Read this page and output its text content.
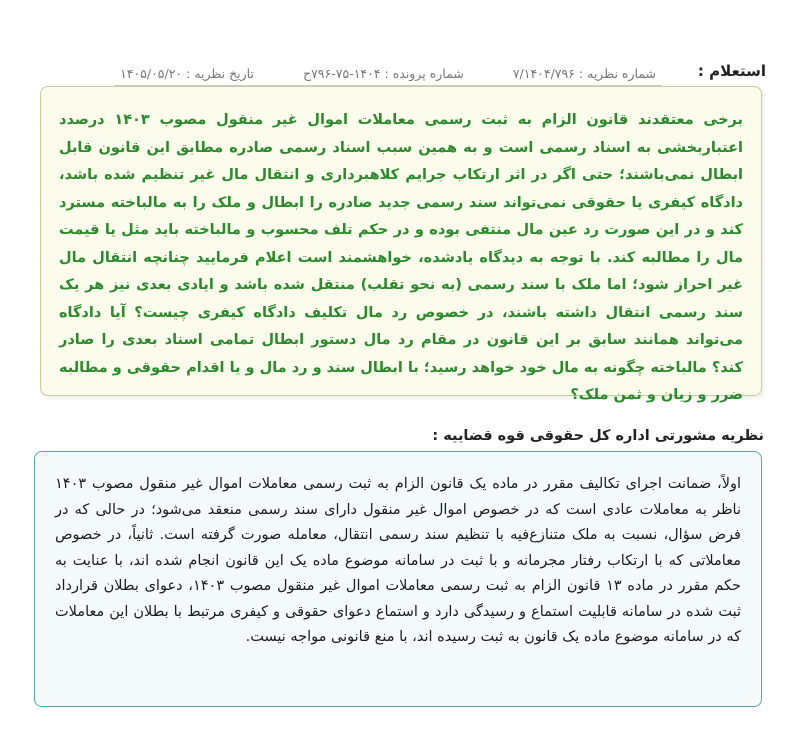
استعلام :
شماره نظریه : ۷/۱۴۰۴/۷۹۶
شماره پرونده : ۱۴۰۴-۷۵-۷۹۶ح
تاریخ نظریه : ۱۴۰۵/۰۵/۲۰

برخی معتقدند قانون الزام به ثبت رسمی معاملات اموال غیر منقول مصوب ۱۴۰۳ درصدد اعتباربخشی به اسناد رسمی است و به همین سبب اسناد رسمی صادره مطابق این قانون قابل ابطال نمی‌باشند؛ حتی اگر در اثر ارتکاب جرایم کلاهبرداری و انتقال مال غیر تنظیم شده باشد، دادگاه کیفری یا حقوقی نمی‌تواند سند رسمی جدید صادره را ابطال و ملک را به مالباخته مسترد کند و در این صورت رد عین مال منتفی بوده و در حکم تلف محسوب و مالباخته باید مثل یا قیمت مال را مطالبه کند. با توجه به دیدگاه یادشده، خواهشمند است اعلام فرمایید چنانچه انتقال مال غیر احراز شود؛ اما ملک با سند رسمی (به نحو تقلب) منتقل شده باشد و ایادی بعدی نیز هر یک سند رسمی انتقال داشته باشند، در خصوص رد مال تکلیف دادگاه کیفری چیست؟ آیا دادگاه می‌تواند همانند سابق بر این قانون در مقام رد مال دستور ابطال تمامی اسناد بعدی را صادر کند؟ مالباخته چگونه به مال خود خواهد رسید؛ با ابطال سند و رد مال و یا اقدام حقوقی و مطالبه ضرر و زیان و ثمن ملک؟

نظریه مشورتی اداره کل حقوقی قوه قضاییه :

اولاً، ضمانت اجرای تکالیف مقرر در ماده یک قانون الزام به ثبت رسمی معاملات اموال غیر منقول مصوب ۱۴۰۳ ناظر به معاملات عادی است که در خصوص اموال غیر منقول دارای سند رسمی منعقد می‌شود؛ در حالی که در فرض سؤال، نسبت به ملک متنازع‌فیه با تنظیم سند رسمی انتقال، معامله صورت گرفته است. ثانیاً، در خصوص معاملاتی که با ارتکاب رفتار مجرمانه و با ثبت در سامانه موضوع ماده یک این قانون انجام شده اند، با عنایت به حکم مقرر در ماده ۱۳ قانون الزام به ثبت رسمی معاملات اموال غیر منقول مصوب ۱۴۰۳، دعوای بطلان قرارداد ثبت شده در سامانه قابلیت استماع و رسیدگی دارد و استماع دعوای حقوقی و کیفری مرتبط با بطلان این معاملات که در سامانه موضوع ماده یک قانون به ثبت رسیده اند، با منع قانونی مواجه نیست.
